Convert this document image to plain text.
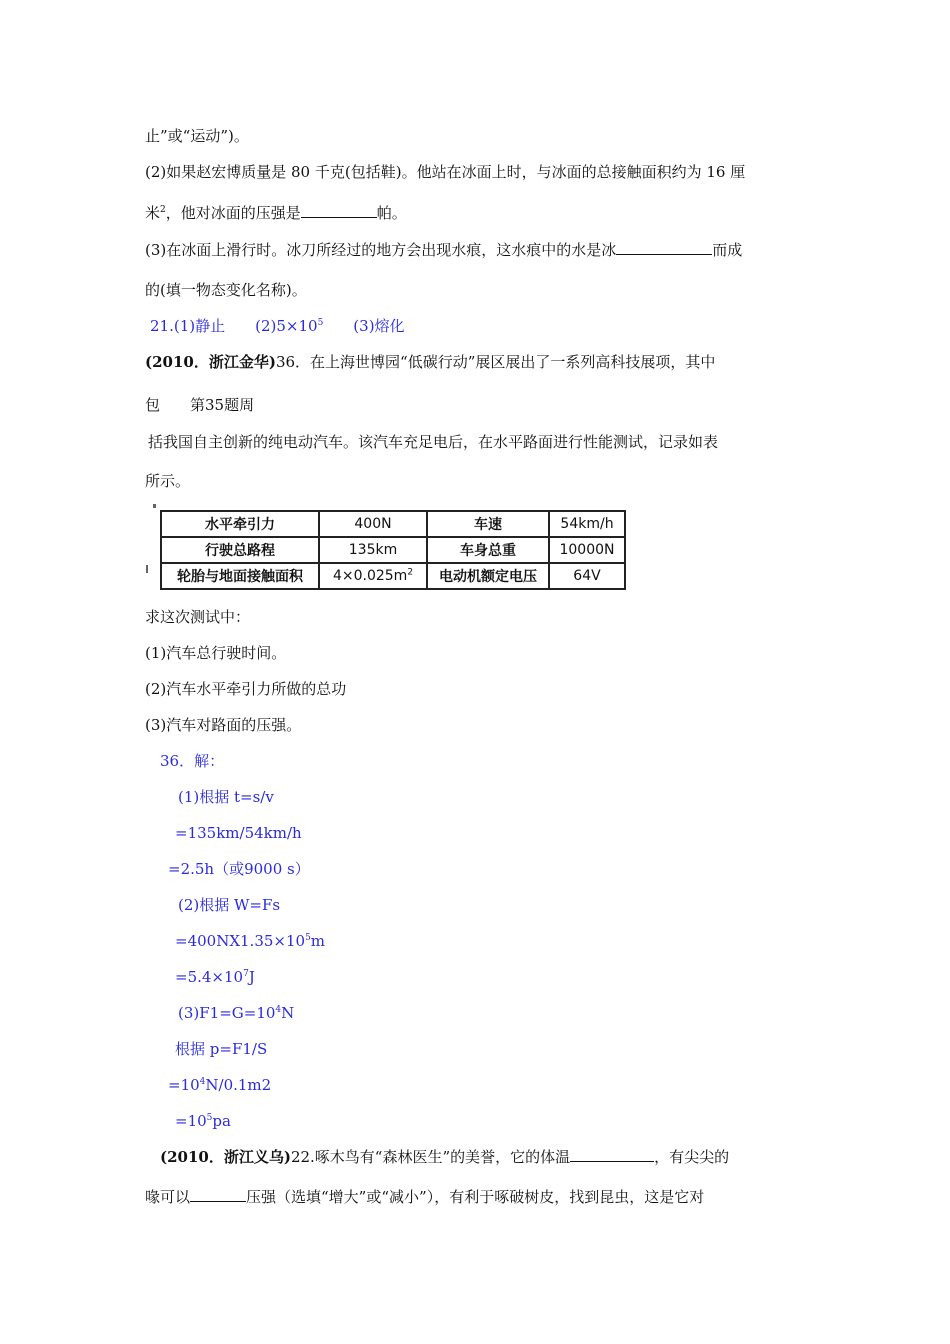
止”或“运动”)。
(2)如果赵宏博质量是 80 千克(包括鞋)。他站在冰面上时，与冰面的总接触面积约为 16 厘
米$^2$，他对冰面的压强是	帕。
(3)在冰面上滑行时。冰刀所经过的地方会出现水痕，这水痕中的水是冰	而成
的(填一物态变化名称)。
21.(1)静止　　$(2)5\times 10^5$　　(3)熔化
(2010．浙江金华)36．在上海世博园“低碳行动”展区展出了一系列高科技展项，其中
包　　第35题周
括我国自主创新的纯电动汽车。该汽车充足电后，在水平路面进行性能测试，记录如表
所示。
水平牵引力	400N	车速	54km/h
行驶总路程	135km	车身总重	10000N
轮胎与地面接触面积	$4\times 0.025m^2$	电动机额定电压	64V
求这次测试中：
(1)汽车总行驶时间。
(2)汽车水平牵引力所做的总功
(3)汽车对路面的压强。
36．解：
(1)根据 t=s/v
=135km/54km/h
=2.5h（或9000 s）
(2)根据 W=Fs
$=400NX1.35\times 10^5m$
$=5.4\times 10^7J$
$(3)F1=G=10^4N$
根据 p=F1/S
$=10^4N/0.1m2$
$=10^5pa$
(2010．浙江义乌)22.啄木鸟有“森林医生”的美誉，它的体温	，有尖尖的
喙可以	压强（选填“增大”或“减小”），有利于啄破树皮，找到昆虫，这是它对
